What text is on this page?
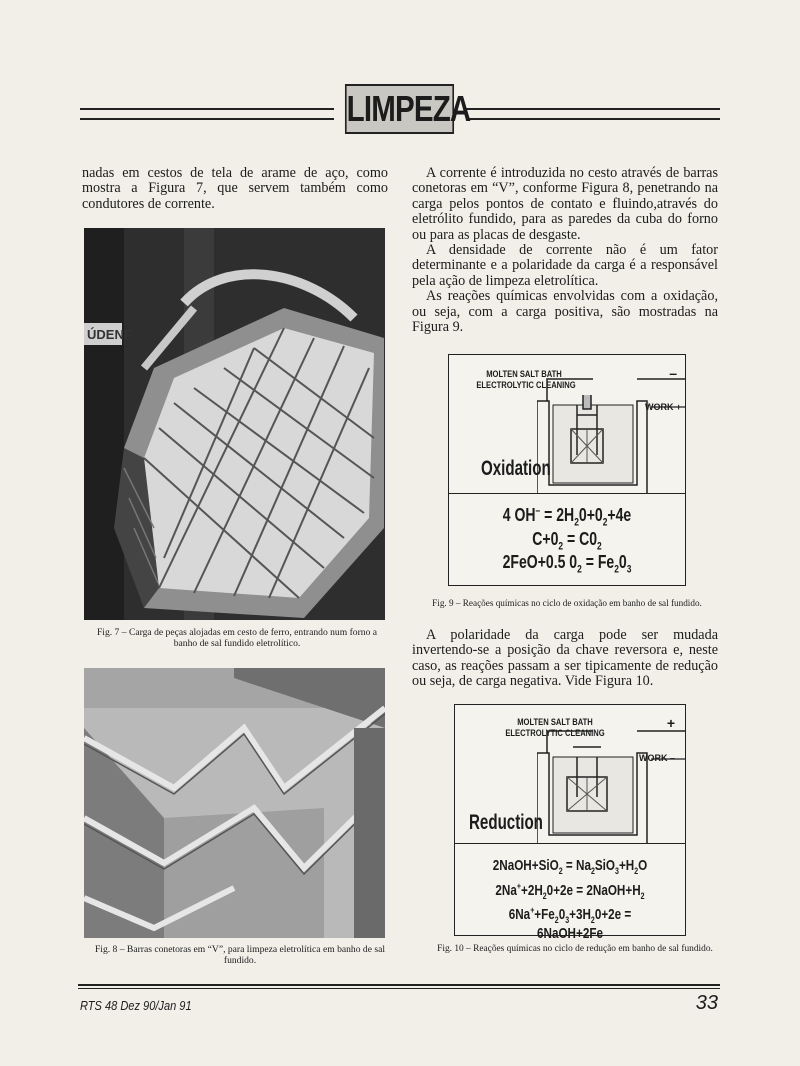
LIMPEZA
nadas em cestos de tela de arame de aço, como mostra a Figura 7, que servem também como condutores de corrente.
ÚDENF
Fig. 7 – Carga de peças alojadas em cesto de ferro, entrando num forno a banho de sal fundido eletrolítico.
Fig. 8 – Barras conetoras em “V”, para limpeza eletrolítica em banho de sal fundido.
A corrente é introduzida no cesto através de barras conetoras em “V”, conforme Figura 8, penetrando na carga pelos pontos de contato e fluindo,através do eletrólito fundido, para as paredes da cuba do forno ou para as placas de desgaste.
A densidade de corrente não é um fator determinante e a polaridade da carga é a responsável pela ação de limpeza eletrolítica.
As reações químicas envolvidas com a oxidação, ou seja, com a carga positiva, são mostradas na Figura 9.
MOLTEN SALT BATH
ELECTROLYTIC CLEANING
–
WORK +
Oxidation
4 $OH^- = 2H_20+0_2+4e$
$C+0_2 = C0_2$
2FeO+0.5 $0_2 = Fe_20_3$
Fig. 9 – Reações químicas no ciclo de oxidação em banho de sal fundido.
A polaridade da carga pode ser mudada invertendo-se a posição da chave reversora e, neste caso, as reações passam a ser tipicamente de redução ou seja, de carga negativa. Vide Figura 10.
MOLTEN SALT BATH
ELECTROLYTIC CLEANING
+
WORK –
Reduction
2NaOH+SiO$_2$ = $Na_2SiO_3+H_2O$
$2Na^++2H_20+2e$ = $2NaOH+H_2$
$6Na^++Fe_20_3+3H_20+2e$ = 6NaOH+2Fe
Fig. 10 – Reações químicas no ciclo de redução em banho de sal fundido.
RTS 48 Dez 90/Jan 91	33
